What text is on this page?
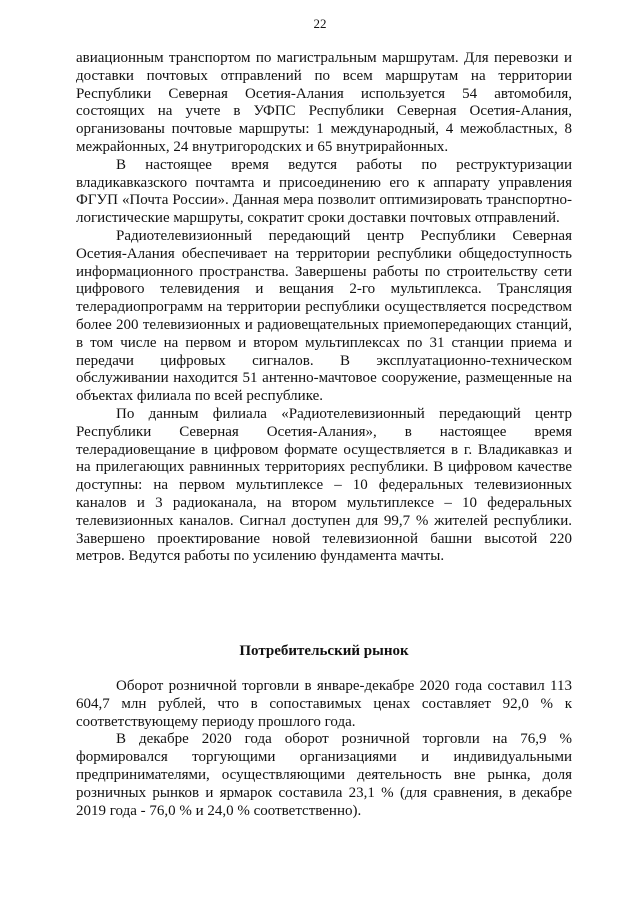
22

авиационным транспортом по магистральным маршрутам. Для перевозки и доставки почтовых отправлений по всем маршрутам на территории Республики Северная Осетия-Алания используется 54 автомобиля, состоящих на учете в УФПС Республики Северная Осетия-Алания, организованы почтовые маршруты: 1 международный, 4 межобластных, 8 межрайонных, 24 внутригородских и 65 внутрирайонных.

В настоящее время ведутся работы по реструктуризации владикавказского почтамта и присоединению его к аппарату управления ФГУП «Почта России». Данная мера позволит оптимизировать транспортно-логистические маршруты, сократит сроки доставки почтовых отправлений.

Радиотелевизионный передающий центр Республики Северная Осетия-Алания обеспечивает на территории республики общедоступность информационного пространства. Завершены работы по строительству сети цифрового телевидения и вещания 2-го мультиплекса. Трансляция телерадиопрограмм на территории республики осуществляется посредством более 200 телевизионных и радиовещательных приемопередающих станций, в том числе на первом и втором мультиплексах по 31 станции приема и передачи цифровых сигналов. В эксплуатационно-техническом обслуживании находится 51 антенно-мачтовое сооружение, размещенные на объектах филиала по всей республике.

По данным филиала «Радиотелевизионный передающий центр Республики Северная Осетия-Алания», в настоящее время телерадиовещание в цифровом формате осуществляется в г. Владикавказ и на прилегающих равнинных территориях республики. В цифровом качестве доступны: на первом мультиплексе – 10 федеральных телевизионных каналов и 3 радиоканала, на втором мультиплексе – 10 федеральных телевизионных каналов. Сигнал доступен для 99,7 % жителей республики. Завершено проектирование новой телевизионной башни высотой 220 метров. Ведутся работы по усилению фундамента мачты.

Потребительский рынок

Оборот розничной торговли в январе-декабре 2020 года составил 113 604,7 млн рублей, что в сопоставимых ценах составляет 92,0 % к соответствующему периоду прошлого года.

В декабре 2020 года оборот розничной торговли на 76,9 % формировался торгующими организациями и индивидуальными предпринимателями, осуществляющими деятельность вне рынка, доля розничных рынков и ярмарок составила 23,1 % (для сравнения, в декабре 2019 года - 76,0 % и 24,0 % соответственно).
